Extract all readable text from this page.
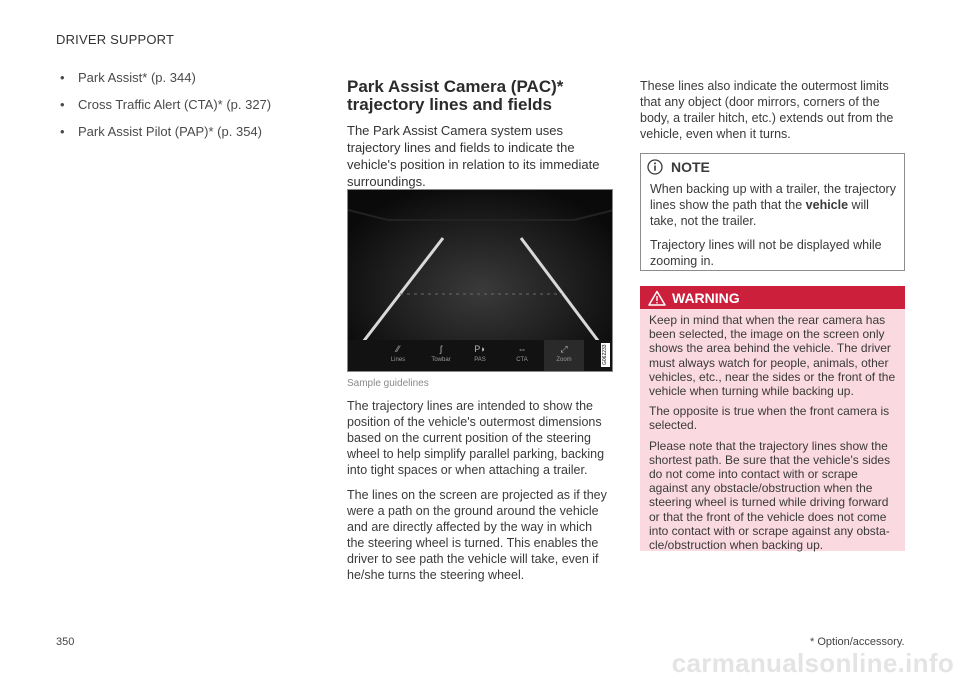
DRIVER SUPPORT
• Park Assist* (p. 344)
• Cross Traffic Alert (CTA)* (p. 327)
• Park Assist Pilot (PAP)* (p. 354)
Park Assist Camera (PAC)* trajectory lines and fields

The Park Assist Camera system uses trajectory lines and fields to indicate the vehicle's position in relation to its immediate surroundings.

⁄⁄
Lines
ʃ
Towbar
P◗
PAS
⇔
CTA
⤢
Zoom	G062233
Sample guidelines

The trajectory lines are intended to show the position of the vehicle's outermost dimensions based on the current position of the steering wheel to help simplify parallel parking, backing into tight spaces or when attaching a trailer.

The lines on the screen are projected as if they were a path on the ground around the vehicle and are directly affected by the way in which the steering wheel is turned. This enables the driver to see path the vehicle will take, even if he/she turns the steering wheel.

These lines also indicate the outermost limits that any object (door mirrors, corners of the body, a trailer hitch, etc.) extends out from the vehicle, even when it turns.

NOTE

When backing up with a trailer, the trajectory lines show the path that the vehicle will take, not the trailer.

Trajectory lines will not be displayed while zooming in.

WARNING

Keep in mind that when the rear camera has been selected, the image on the screen only shows the area behind the vehicle. The driver must always watch for people, animals, other vehicles, etc., near the sides or the front of the vehicle when turning while backing up.

The opposite is true when the front camera is selected.

Please note that the trajectory lines show the shortest path. Be sure that the vehicle's sides do not come into contact with or scrape against any obstacle/obstruction when the steering wheel is turned while driving forward or that the front of the vehicle does not come into contact with or scrape against any obsta-cle/obstruction when backing up.

350	* Option/accessory.
carmanualsonline.info
